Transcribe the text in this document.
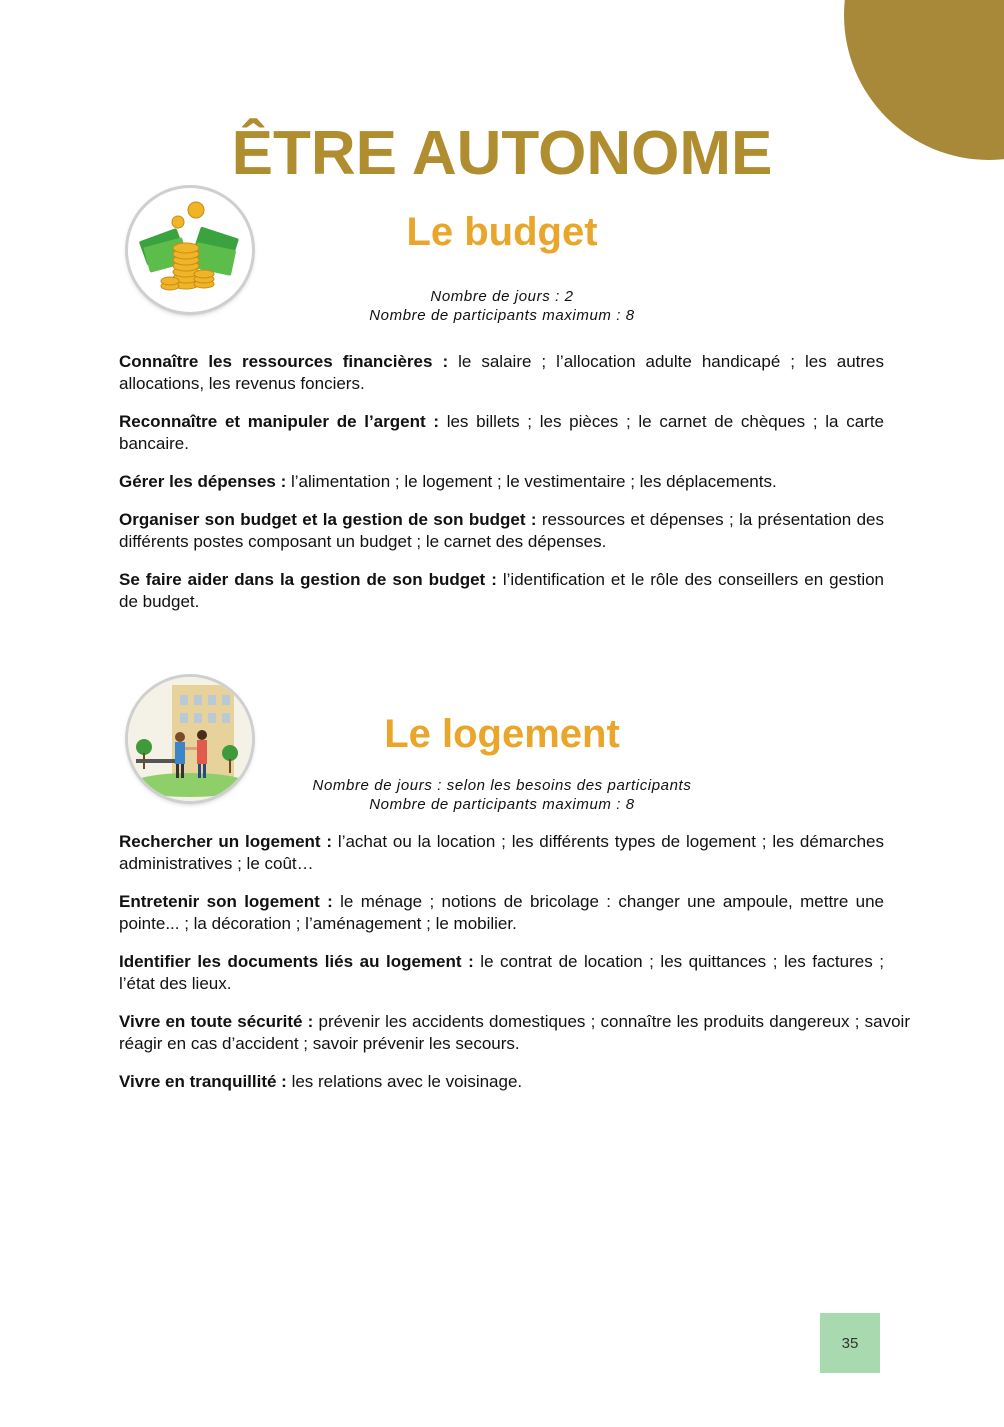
ÊTRE AUTONOME
Le budget
Nombre de jours : 2
Nombre de participants maximum : 8

Connaître les ressources financières : le salaire ; l’allocation adulte handicapé ; les autres allocations, les revenus fonciers.

Reconnaître et manipuler de l’argent : les billets ; les pièces ; le carnet de chèques ; la carte bancaire.

Gérer les dépenses : l’alimentation ; le logement ; le vestimentaire ; les déplacements.

Organiser son budget et la gestion de son budget : ressources et dépenses ; la présentation des différents postes composant un budget ; le carnet des dépenses.

Se faire aider dans la gestion de son budget : l’identification et le rôle des conseillers en gestion de budget.

Le logement
Nombre de jours : selon les besoins des participants
Nombre de participants maximum : 8

Rechercher un logement : l’achat ou la location ; les différents types de logement ; les démarches administratives ; le coût…

Entretenir son logement : le ménage ; notions de bricolage : changer une ampoule, mettre une pointe... ; la décoration ; l’aménagement ; le mobilier.

Identifier les documents liés au logement : le contrat de location ; les quittances ; les factures ; l’état des lieux.

Vivre en toute sécurité : prévenir les accidents domestiques ; connaître les produits dangereux ; savoir réagir en cas d’accident ; savoir prévenir les secours.

Vivre en tranquillité : les relations avec le voisinage.

35
